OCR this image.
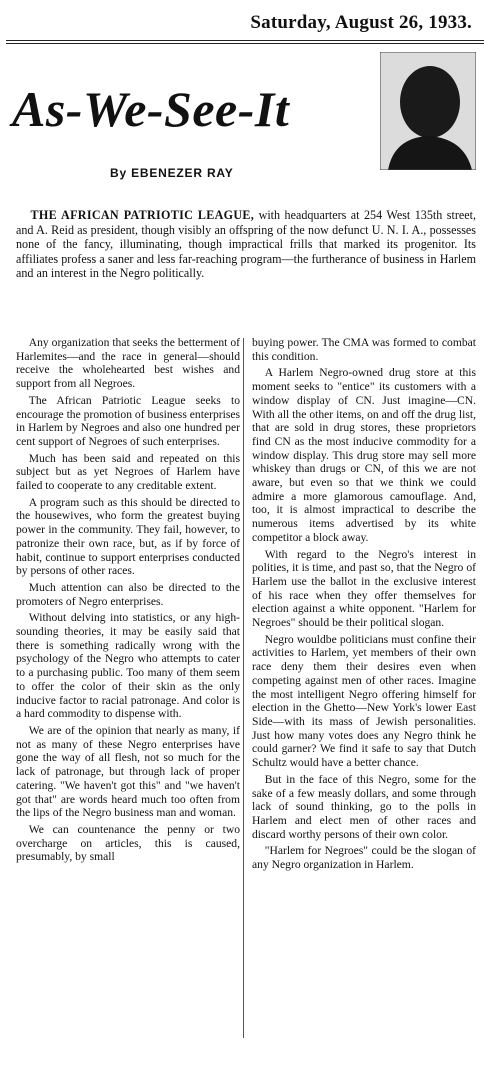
Saturday, August 26, 1933.
As-We-See-It
By EBENEZER RAY

THE AFRICAN PATRIOTIC LEAGUE, with headquarters at 254 West 135th street, and A. Reid as president, though visibly an offspring of the now defunct U. N. I. A., possesses none of the fancy, illuminating, though impractical frills that marked its progenitor. Its affiliates profess a saner and less far-reaching program—the furtherance of business in Harlem and an interest in the Negro politically.

Any organization that seeks the betterment of Harlemites—and the race in general—should receive the wholehearted best wishes and support from all Negroes.

The African Patriotic League seeks to encourage the promotion of business enterprises in Harlem by Negroes and also one hundred per cent support of Negroes of such enterprises.

Much has been said and repeated on this subject but as yet Negroes of Harlem have failed to cooperate to any creditable extent.

A program such as this should be directed to the housewives, who form the greatest buying power in the community. They fail, however, to patronize their own race, but, as if by force of habit, continue to support enterprises conducted by persons of other races.

Much attention can also be directed to the promoters of Negro enterprises.

Without delving into statistics, or any high-sounding theories, it may be easily said that there is something radically wrong with the psychology of the Negro who attempts to cater to a purchasing public. Too many of them seem to offer the color of their skin as the only inducive factor to racial patronage. And color is a hard commodity to dispense with.

We are of the opinion that nearly as many, if not as many of these Negro enterprises have gone the way of all flesh, not so much for the lack of patronage, but through lack of proper catering. "We haven't got this" and "we haven't got that" are words heard much too often from the lips of the Negro business man and woman.

We can countenance the penny or two overcharge on articles, this is caused, presumably, by small

buying power. The CMA was formed to combat this condition.

A Harlem Negro-owned drug store at this moment seeks to "entice" its customers with a window display of CN. Just imagine—CN. With all the other items, on and off the drug list, that are sold in drug stores, these proprietors find CN as the most inducive commodity for a window display. This drug store may sell more whiskey than drugs or CN, of this we are not aware, but even so that we think we could admire a more glamorous camouflage. And, too, it is almost impractical to describe the numerous items advertised by its white competitor a block away.

With regard to the Negro's interest in polities, it is time, and past so, that the Negro of Harlem use the ballot in the exclusive interest of his race when they offer themselves for election against a white opponent. "Harlem for Negroes" should be their political slogan.

Negro wouldbe politicians must confine their activities to Harlem, yet members of their own race deny them their desires even when competing against men of other races. Imagine the most intelligent Negro offering himself for election in the Ghetto—New York's lower East Side—with its mass of Jewish personalities. Just how many votes does any Negro think he could garner? We find it safe to say that Dutch Schultz would have a better chance.

But in the face of this Negro, some for the sake of a few measly dollars, and some through lack of sound thinking, go to the polls in Harlem and elect men of other races and discard worthy persons of their own color.

"Harlem for Negroes" could be the slogan of any Negro organization in Harlem.
